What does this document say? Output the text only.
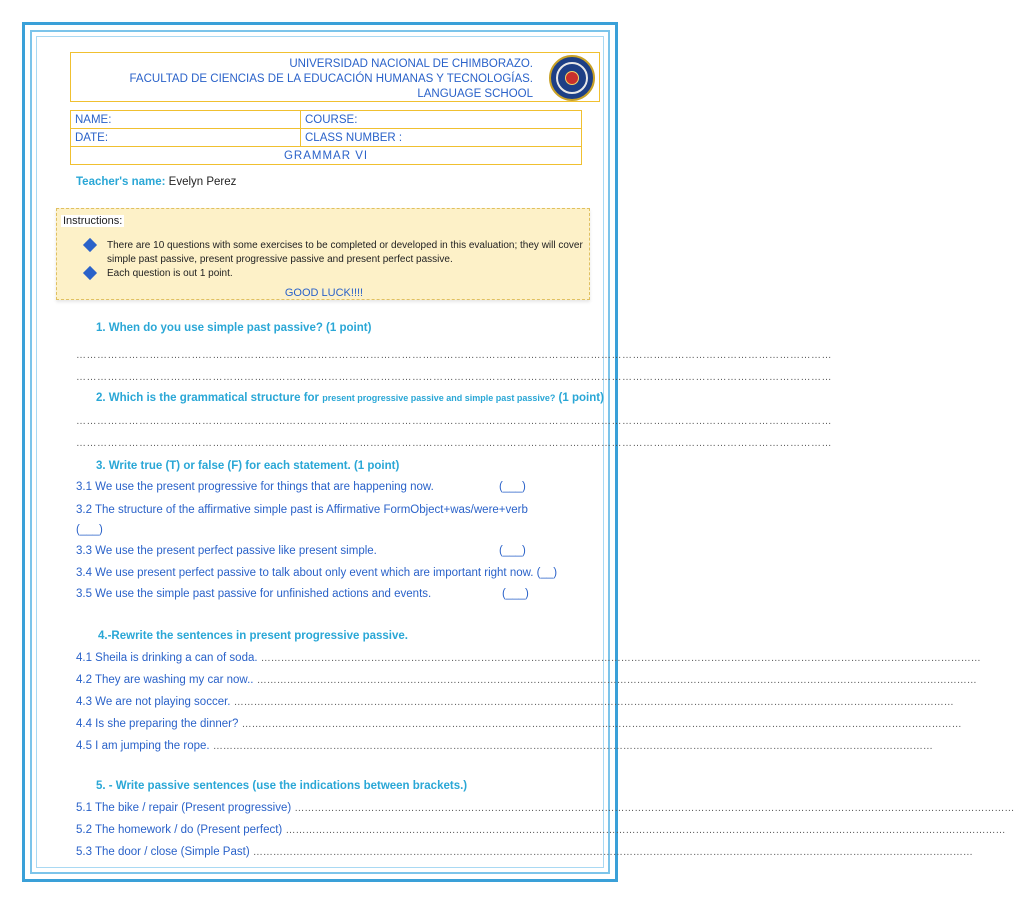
UNIVERSIDAD NACIONAL DE CHIMBORAZO.
FACULTAD DE CIENCIAS DE LA EDUCACIÓN HUMANAS Y TECNOLOGÍAS.
LANGUAGE SCHOOL
NAME:	COURSE:
DATE:	CLASS NUMBER :
GRAMMAR VI	
Teacher's name: Evelyn Perez
Instructions:
There are 10 questions with some exercises to be completed or developed in this evaluation; they will cover simple past passive, present progressive passive and present perfect passive.
Each question is out 1 point.
GOOD LUCK!!!!
1. When do you use simple past passive? (1 point)
………………………………………………………………………………………………………………………………………………………………………………………………
………………………………………………………………………………………………………………………………………………………………………………………………
2. Which is the grammatical structure for present progressive passive and simple past passive? (1 point)
………………………………………………………………………………………………………………………………………………………………………………………………
………………………………………………………………………………………………………………………………………………………………………………………………
3. Write true (T) or false (F) for each statement. (1 point)
3.1 We use the present progressive for things that are happening now.	(___)
3.2 The structure of the affirmative simple past is Affirmative FormObject+was/were+verb
(___)
3.3 We use the present perfect passive like present simple.	(___)
3.4 We use present perfect passive to talk about only event which are important right now. (__)
3.5 We use the simple past passive for unfinished actions and events.	(___)
4.-Rewrite the sentences in present progressive passive.
4.1 Sheila is drinking a can of soda. ………………………………………………………………………………………………………………………………………………………………………………………………
4.2 They are washing my car now.. ………………………………………………………………………………………………………………………………………………………………………………………………
4.3 We are not playing soccer. ………………………………………………………………………………………………………………………………………………………………………………………………
4.4 Is she preparing the dinner? ………………………………………………………………………………………………………………………………………………………………………………………………
4.5 I am jumping the rope. ………………………………………………………………………………………………………………………………………………………………………………………………
5. - Write passive sentences (use the indications between brackets.)
5.1 The bike / repair (Present progressive) ………………………………………………………………………………………………………………………………………………………………………………………………
5.2 The homework / do (Present perfect) ………………………………………………………………………………………………………………………………………………………………………………………………
5.3 The door / close (Simple Past) ………………………………………………………………………………………………………………………………………………………………………………………………
